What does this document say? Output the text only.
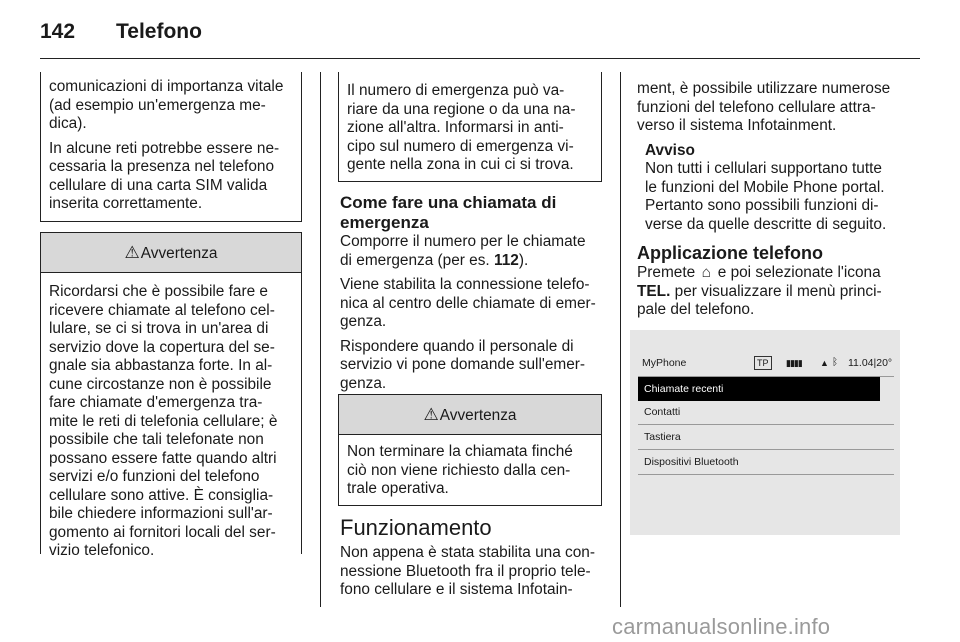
142 Telefono

comunicazioni di importanza vitale
(ad esempio un'emergenza me-
dica).

In alcune reti potrebbe essere ne-
cessaria la presenza nel telefono
cellulare di una carta SIM valida
inserita correttamente.

⚠Avvertenza
Ricordarsi che è possibile fare e
ricevere chiamate al telefono cel-
lulare, se ci si trova in un'area di
servizio dove la copertura del se-
gnale sia abbastanza forte. In al-
cune circostanze non è possibile
fare chiamate d'emergenza tra-
mite le reti di telefonia cellulare; è
possibile che tali telefonate non
possano essere fatte quando altri
servizi e/o funzioni del telefono
cellulare sono attive. È consiglia-
bile chiedere informazioni sull'ar-
gomento ai fornitori locali del ser-
vizio telefonico.
Il numero di emergenza può va-
riare da una regione o da una na-
zione all'altra. Informarsi in anti-
cipo sul numero di emergenza vi-
gente nella zona in cui ci si trova.
Come fare una chiamata di
emergenza

Comporre il numero per le chiamate
di emergenza (per es. 112).

Viene stabilita la connessione telefo-
nica al centro delle chiamate di emer-
genza.

Rispondere quando il personale di
servizio vi pone domande sull'emer-
genza.

⚠Avvertenza
Non terminare la chiamata finché
ciò non viene richiesto dalla cen-
trale operativa.
Funzionamento
Non appena è stata stabilita una con-
nessione Bluetooth fra il proprio tele-
fono cellulare e il sistema Infotain-

ment, è possibile utilizzare numerose
funzioni del telefono cellulare attra-
verso il sistema Infotainment.

Avviso
Non tutti i cellulari supportano tutte
le funzioni del Mobile Phone portal.
Pertanto sono possibili funzioni di-
verse da quelle descritte di seguito.
Applicazione telefono

Premete ⌂ e poi selezionate l'icona
TEL. per visualizzare il menù princi-
pale del telefono.

MyPhone	TP	▮▮▮▮ ▲ ᛒ 11.04|20°
Chiamate recenti
Contatti
Tastiera
Dispositivi Bluetooth
carmanualsonline.info
